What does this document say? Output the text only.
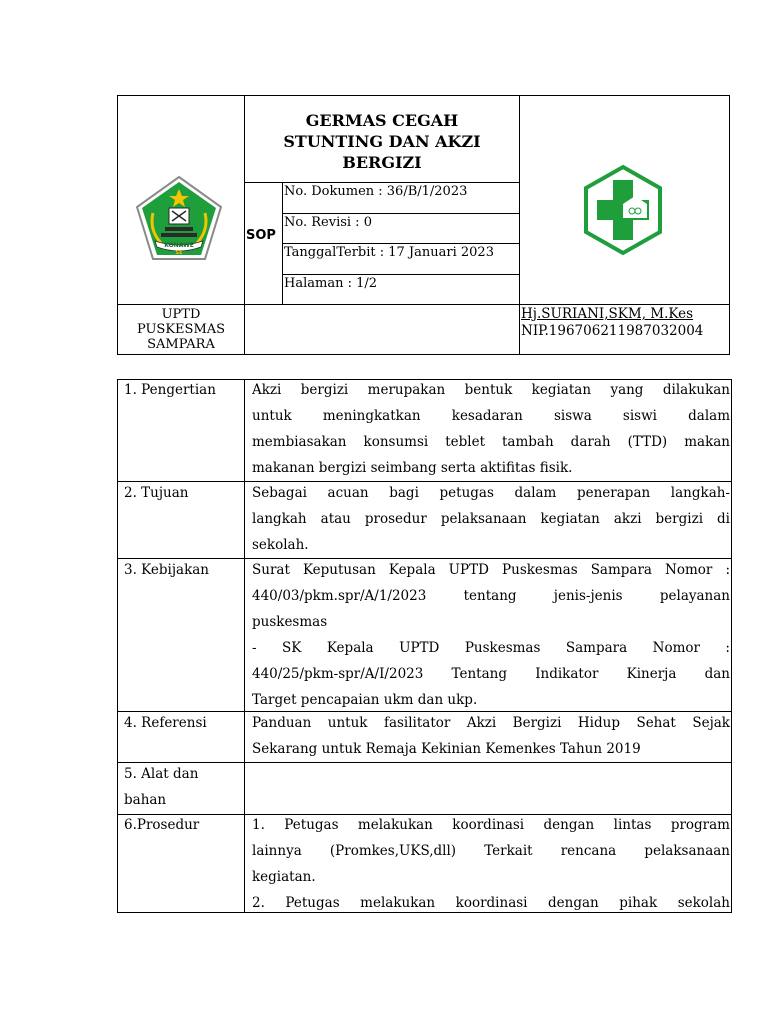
KONAWE
SE
GERMAS CEGAH
STUNTING DAN AKZI
BERGIZI
SOP
No. Dokumen : 36/B/1/2023
No. Revisi : 0
TanggalTerbit : 17 Januari 2023
Halaman : 1/2
UPTD
PUSKESMAS
SAMPARA
Hj.SURIANI,SKM, M.Kes
NIP.196706211987032004
1. Pengertian	Akzi bergizi merupakan bentuk kegiatan yang dilakukan
untuk meningkatkan kesadaran siswa siswi dalam
membiasakan konsumsi teblet tambah darah (TTD) makan
makanan bergizi seimbang serta aktifitas fisik.
2. Tujuan	Sebagai acuan bagi petugas dalam penerapan langkah-
langkah atau prosedur pelaksanaan kegiatan akzi bergizi di
sekolah.
3. Kebijakan	Surat Keputusan Kepala UPTD Puskesmas Sampara Nomor :
440/03/pkm.spr/A/1/2023 tentang jenis-jenis pelayanan
puskesmas
- SK Kepala UPTD Puskesmas Sampara Nomor :
440/25/pkm-spr/A/I/2023 Tentang Indikator Kinerja dan
Target pencapaian ukm dan ukp.
4. Referensi	Panduan untuk fasilitator Akzi Bergizi Hidup Sehat Sejak
Sekarang untuk Remaja Kekinian Kemenkes Tahun 2019
5. Alat dan
bahan
6.Prosedur	1. Petugas melakukan koordinasi dengan lintas program
lainnya (Promkes,UKS,dll) Terkait rencana pelaksanaan
kegiatan.
2. Petugas melakukan koordinasi dengan pihak sekolah
